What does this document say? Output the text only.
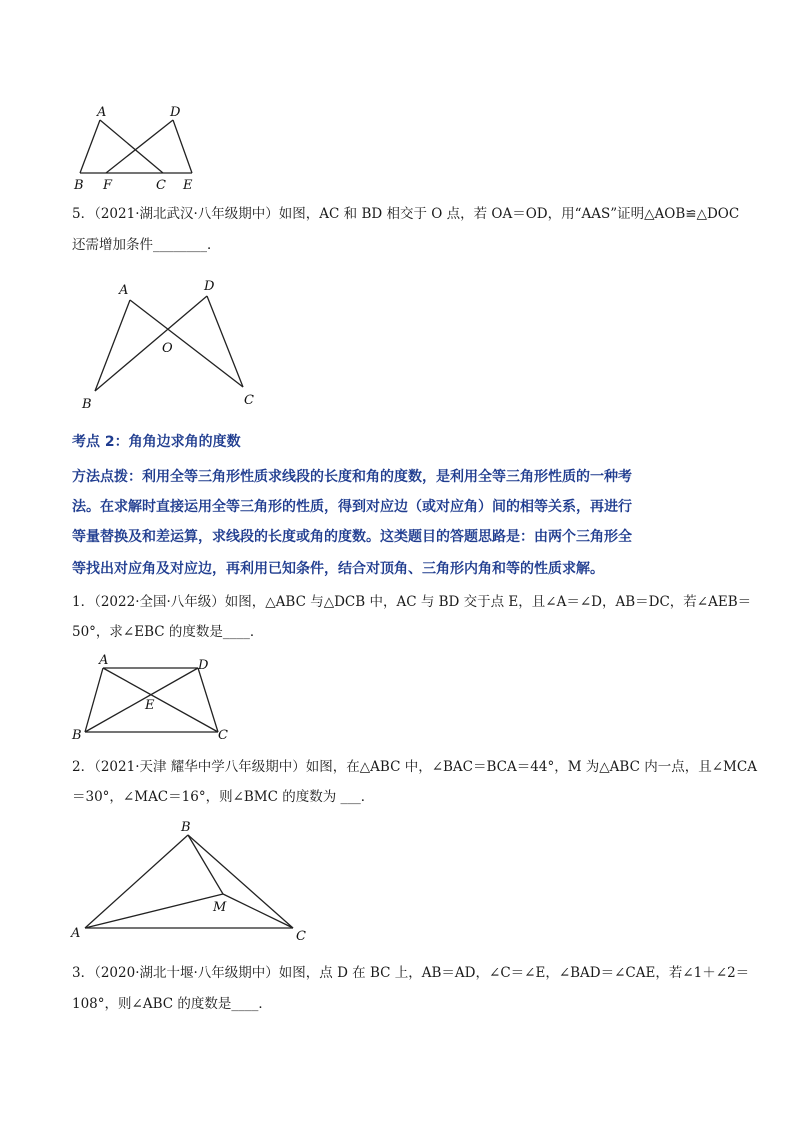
A	D
B F	C E
5．（2021·湖北武汉·八年级期中）如图，AC 和 BD 相交于 O 点，若 OA＝OD，用“AAS”证明△AOB≌△DOC
还需增加条件________．
A	D
O
B	C
考点 2：角角边求角的度数
方法点拨：利用全等三角形性质求线段的长度和角的度数，是利用全等三角形性质的一种考
法。在求解时直接运用全等三角形的性质，得到对应边（或对应角）间的相等关系，再进行
等量替换及和差运算，求线段的长度或角的度数。这类题目的答题思路是：由两个三角形全
等找出对应角及对应边，再利用已知条件，结合对顶角、三角形内角和等的性质求解。
1．（2022·全国·八年级）如图，△ABC 与△DCB 中，AC 与 BD 交于点 E，且∠A＝∠D，AB＝DC，若∠AEB＝
50°，求∠EBC 的度数是____．
A	D
E
B	C
2．（2021·天津 耀华中学八年级期中）如图，在△ABC 中，∠BAC＝BCA＝44°，M 为△ABC 内一点，且∠MCA
＝30°，∠MAC＝16°，则∠BMC 的度数为 ___．
B
M
A	C
3．（2020·湖北十堰·八年级期中）如图，点 D 在 BC 上，AB＝AD，∠C＝∠E，∠BAD＝∠CAE，若∠1＋∠2＝
108°，则∠ABC 的度数是____．
